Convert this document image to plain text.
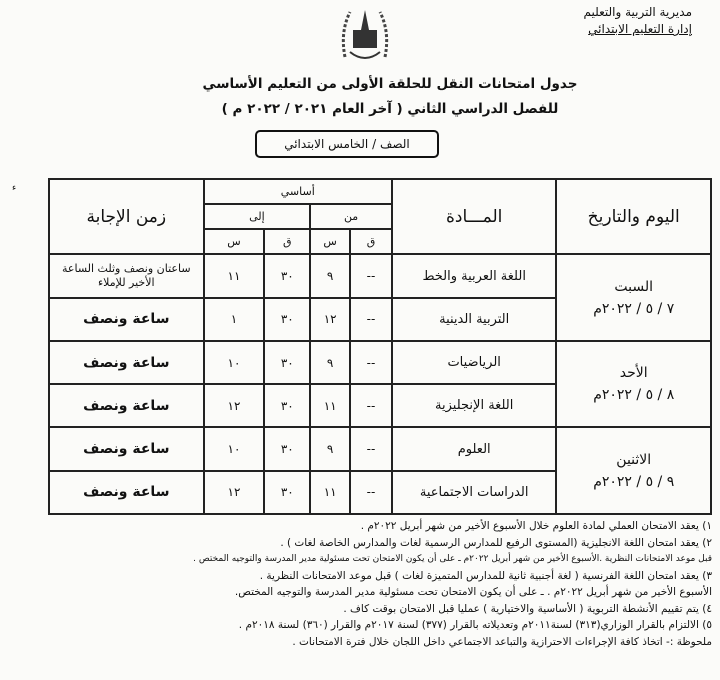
مديرية التربية والتعليم
إدارة التعليم الابتدائي
جدول امتحانات النقل للحلقة الأولى من التعليم الأساسي
للفصل الدراسي الثاني ( آخر العام ٢٠٢١ / ٢٠٢٢ م )
الصف / الخامس الابتدائي
ء
اليوم والتاريخ	المـــادة	أساسي				زمن الإجابة
		من		إلى		
		ق	س	ق	س	

السبت
٧ / ٥ / ٢٠٢٢م	اللغة العربية والخط	--	٩	٣٠	١١	ساعتان ونصف وثلث الساعة الأخير للإملاء
	التربية الدينية	--	١٢	٣٠	١	ساعة ونصف

الأحد
٨ / ٥ / ٢٠٢٢م	الرياضيات	--	٩	٣٠	١٠	ساعة ونصف
	اللغة الإنجليزية	--	١١	٣٠	١٢	ساعة ونصف

الاثنين
٩ / ٥ / ٢٠٢٢م	العلوم	--	٩	٣٠	١٠	ساعة ونصف
	الدراسات الاجتماعية	--	١١	٣٠	١٢	ساعة ونصف
١) يعقد الامتحان العملي لمادة العلوم خلال الأسبوع الأخير من شهر أبريل ٢٠٢٢م .
٢) يعقد امتحان اللغة الانجليزية (المستوى الرفيع للمدارس الرسمية لغات والمدارس الخاصة لغات ) .
قبل موعد الامتحانات النظرية .الأسبوع الأخير من شهر أبريل ٢٠٢٢م ـ على أن يكون الامتحان تحت مسئولية مدير المدرسة والتوجيه المختص .
٣) يعقد امتحان اللغة الفرنسية ( لغة أجنبية ثانية للمدارس المتميزة لغات ) قبل موعد الامتحانات النظرية .
الأسبوع الأخير من شهر أبريل ٢٠٢٢م . ـ على أن يكون الامتحان تحت مسئولية مدير المدرسة والتوجيه المختص.
٤) يتم تقييم الأنشطة التربوية ( الأساسية والاختيارية ) عمليا قبل الامتحان بوقت كاف .
٥) الالتزام بالقرار الوزاري(٣١٣) لسنة٢٠١١م وتعديلاته بالقرار (٣٧٧) لسنة ٢٠١٧م والقرار (٣٦٠) لسنة ٢٠١٨م .
ملحوظة :- اتخاذ كافة الإجراءات الاحترازية والتباعد الاجتماعي داخل اللجان خلال فترة الامتحانات .
